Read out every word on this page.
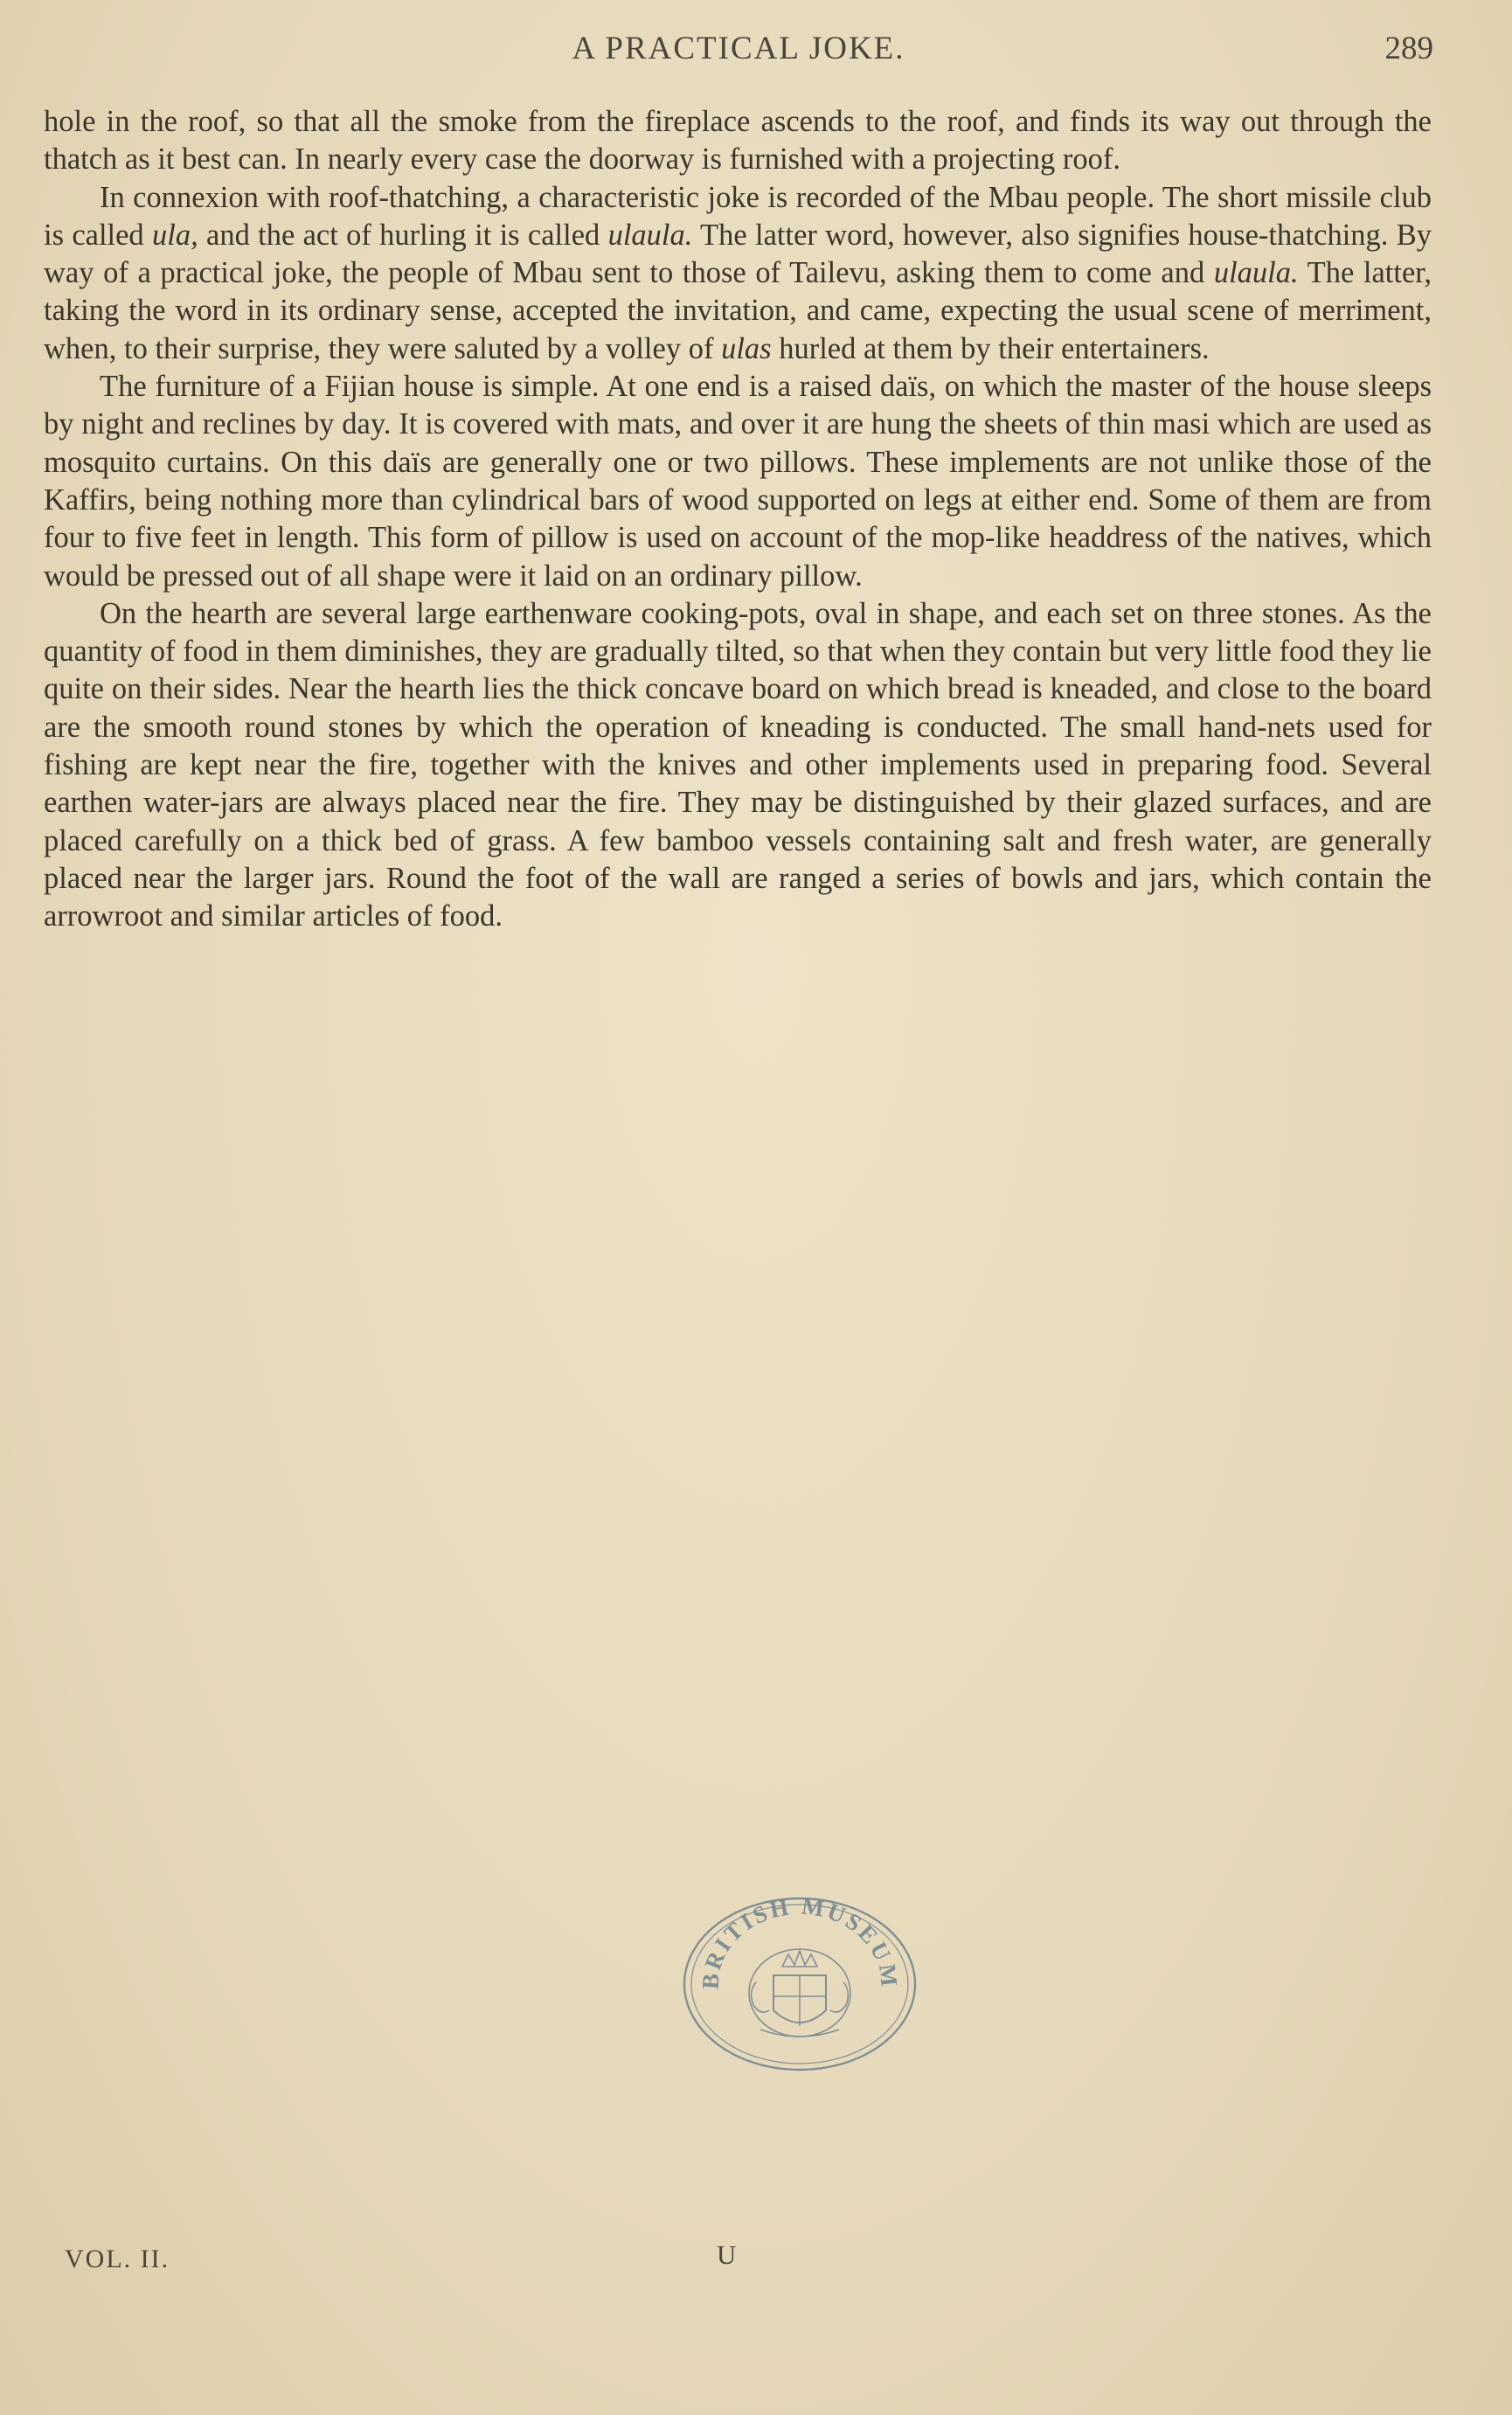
A PRACTICAL JOKE.	289

hole in the roof, so that all the smoke from the fireplace ascends to the roof, and finds its way out through the thatch as it best can. In nearly every case the doorway is furnished with a projecting roof.

In connexion with roof-thatching, a characteristic joke is recorded of the Mbau people. The short missile club is called ula, and the act of hurling it is called ulaula. The latter word, however, also signifies house-thatching. By way of a practical joke, the people of Mbau sent to those of Tailevu, asking them to come and ulaula. The latter, taking the word in its ordinary sense, accepted the invitation, and came, expecting the usual scene of merriment, when, to their surprise, they were saluted by a volley of ulas hurled at them by their entertainers.

The furniture of a Fijian house is simple. At one end is a raised daïs, on which the master of the house sleeps by night and reclines by day. It is covered with mats, and over it are hung the sheets of thin masi which are used as mosquito curtains. On this daïs are generally one or two pillows. These implements are not unlike those of the Kaffirs, being nothing more than cylindrical bars of wood supported on legs at either end. Some of them are from four to five feet in length. This form of pillow is used on account of the mop-like headdress of the natives, which would be pressed out of all shape were it laid on an ordinary pillow.

On the hearth are several large earthenware cooking-pots, oval in shape, and each set on three stones. As the quantity of food in them diminishes, they are gradually tilted, so that when they contain but very little food they lie quite on their sides. Near the hearth lies the thick concave board on which bread is kneaded, and close to the board are the smooth round stones by which the operation of kneading is conducted. The small hand-nets used for fishing are kept near the fire, together with the knives and other implements used in preparing food. Several earthen water-jars are always placed near the fire. They may be distinguished by their glazed surfaces, and are placed carefully on a thick bed of grass. A few bamboo vessels containing salt and fresh water, are generally placed near the larger jars. Round the foot of the wall are ranged a series of bowls and jars, which contain the arrowroot and similar articles of food.

BRITISH MUSEUM
VOL. II.	U
